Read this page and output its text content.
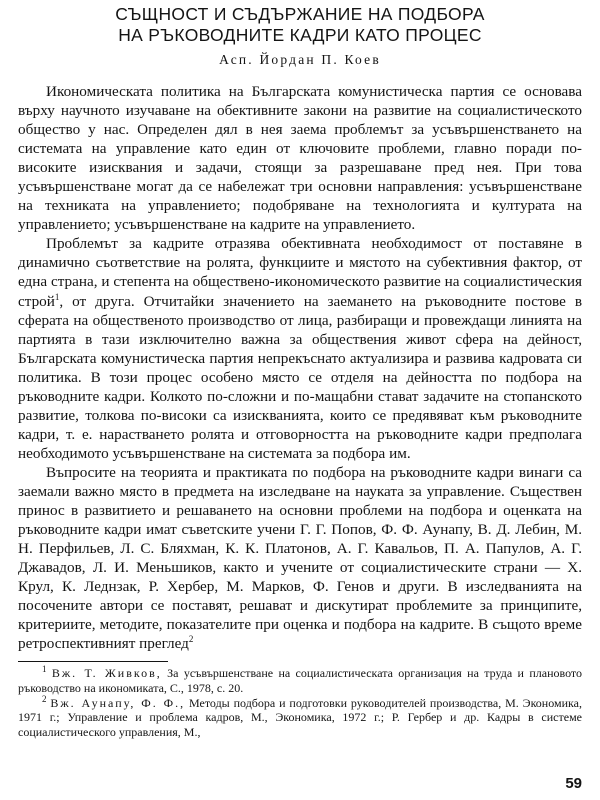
СЪЩНОСТ И СЪДЪРЖАНИЕ НА ПОДБОРА
НА РЪКОВОДНИТЕ КАДРИ КАТО ПРОЦЕС
Асп. Йордан П. Коев

Икономическата политика на Българската комунистическа партия се основава върху научното изучаване на обективните закони на развитие на социалистическото общество у нас. Определен дял в нея заема проблемът за усъвършенстването на системата на управление като един от ключовите проблеми, главно поради по-високите изисквания и задачи, стоящи за разрешаване пред нея. При това усъвършенстване могат да се набележат три основни направления: усъвършенстване на техниката на управлението; подобряване на технологията и културата на управлението; усъвършенстване на кадрите на управлението.

Проблемът за кадрите отразява обективната необходимост от поставяне в динамично съответствие на ролята, функциите и мястото на субективния фактор, от една страна, и степента на обществено-икономическото развитие на социалистическия строй$^1$, от друга. Отчитайки значението на заемането на ръководните постове в сферата на общественото производство от лица, разбиращи и провеждащи линията на партията в тази изключително важна за обществения живот сфера на дейност, Българската комунистическа партия непрекъснато актуализира и развива кадровата си политика. В този процес особено място се отделя на дейността по подбора на ръководните кадри. Колкото по-сложни и по-мащабни стават задачите на стопанското развитие, толкова по-високи са изискванията, които се предявяват към ръководните кадри, т. е. нарастването ролята и отговорността на ръководните кадри предполага необходимото усъвършенстване на системата за подбора им.

Въпросите на теорията и практиката по подбора на ръководните кадри винаги са заемали важно място в предмета на изследване на науката за управление. Съществен принос в развитието и решаването на основни проблеми на подбора и оценката на ръководните кадри имат съветските учени Г. Г. Попов, Ф. Ф. Аунапу, В. Д. Лебин, М. Н. Перфильев, Л. С. Бляхман, К. К. Платонов, А. Г. Кавальов, П. А. Папулов, А. Г. Джавадов, Л. И. Меньшиков, както и учените от социалистическите страни — Х. Крул, К. Леднзак, Р. Хербер, М. Марков, Ф. Генов и други. В изследванията на посочените автори се поставят, решават и дискутират проблемите за принципите, критериите, методите, показателите при оценка и подбора на кадрите. В същото време ретроспективният преглед$^2$

$^1$ Вж. Т. Живков, За усъвършенстване на социалистическата организация на труда и плановото ръководство на икономиката, С., 1978, с. 20.

$^2$ Вж. Аунапу, Ф. Ф., Методы подбора и подготовки руководителей производства, М. Экономика, 1971 г.; Управление и проблема кадров, М., Экономика, 1972 г.; Р. Гербер и др. Кадры в системе социалистического управления, М.,

59
